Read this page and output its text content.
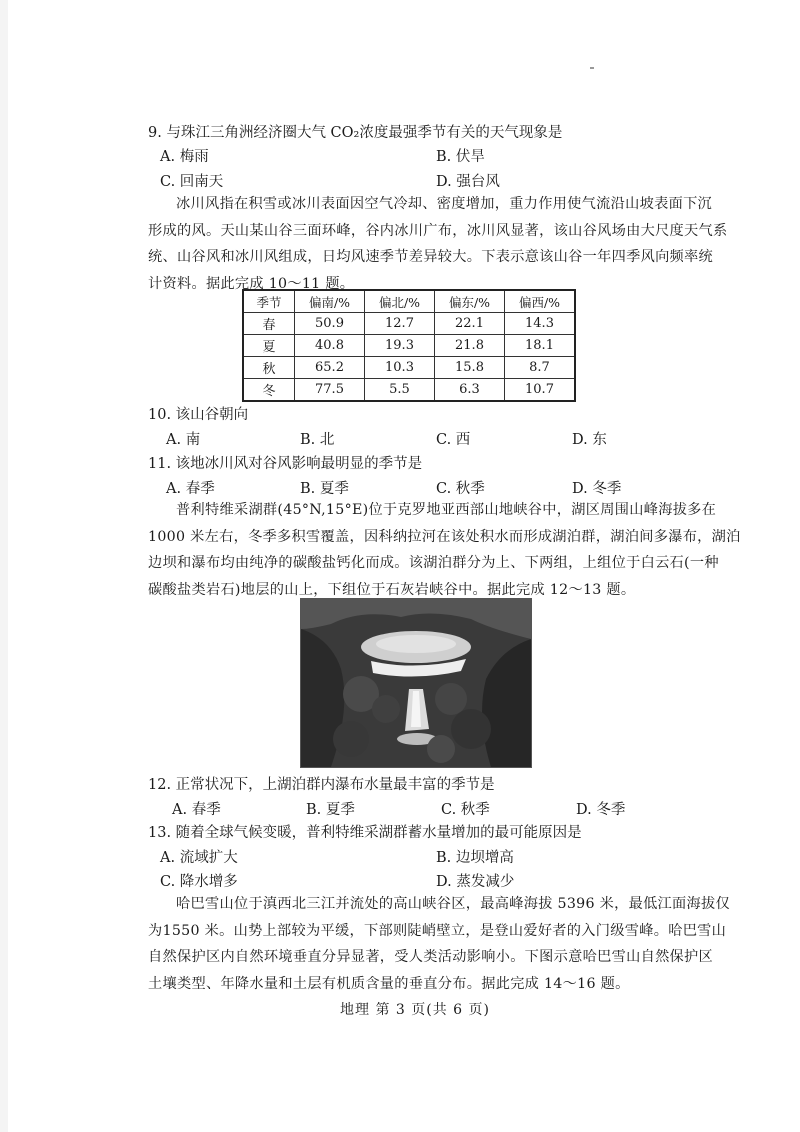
9. 与珠江三角洲经济圈大气 CO₂浓度最强季节有关的天气现象是
A. 梅雨	B. 伏旱
C. 回南天	D. 强台风
冰川风指在积雪或冰川表面因空气冷却、密度增加，重力作用使气流沿山坡表面下沉
形成的风。天山某山谷三面环峰，谷内冰川广布，冰川风显著，该山谷风场由大尺度天气系
统、山谷风和冰川风组成，日均风速季节差异较大。下表示意该山谷一年四季风向频率统
计资料。据此完成 10～11 题。
季节	偏南/%	偏北/%	偏东/%	偏西/%
春	50.9	12.7	22.1	14.3
夏	40.8	19.3	21.8	18.1
秋	65.2	10.3	15.8	8.7
冬	77.5	5.5	6.3	10.7
10. 该山谷朝向
A. 南	B. 北	C. 西	D. 东
11. 该地冰川风对谷风影响最明显的季节是
A. 春季	B. 夏季	C. 秋季	D. 冬季
普利特维采湖群(45°N,15°E)位于克罗地亚西部山地峡谷中，湖区周围山峰海拔多在
1000 米左右，冬季多积雪覆盖，因科纳拉河在该处积水而形成湖泊群，湖泊间多瀑布，湖泊
边坝和瀑布均由纯净的碳酸盐钙化而成。该湖泊群分为上、下两组，上组位于白云石(一种
碳酸盐类岩石)地层的山上，下组位于石灰岩峡谷中。据此完成 12～13 题。
12. 正常状况下，上湖泊群内瀑布水量最丰富的季节是
A. 春季	B. 夏季	C. 秋季	D. 冬季
13. 随着全球气候变暖，普利特维采湖群蓄水量增加的最可能原因是
A. 流域扩大	B. 边坝增高
C. 降水增多	D. 蒸发减少
哈巴雪山位于滇西北三江并流处的高山峡谷区，最高峰海拔 5396 米，最低江面海拔仅
为1550 米。山势上部较为平缓，下部则陡峭壁立，是登山爱好者的入门级雪峰。哈巴雪山
自然保护区内自然环境垂直分异显著，受人类活动影响小。下图示意哈巴雪山自然保护区
土壤类型、年降水量和土层有机质含量的垂直分布。据此完成 14～16 题。
地理 第 3 页(共 6 页)
